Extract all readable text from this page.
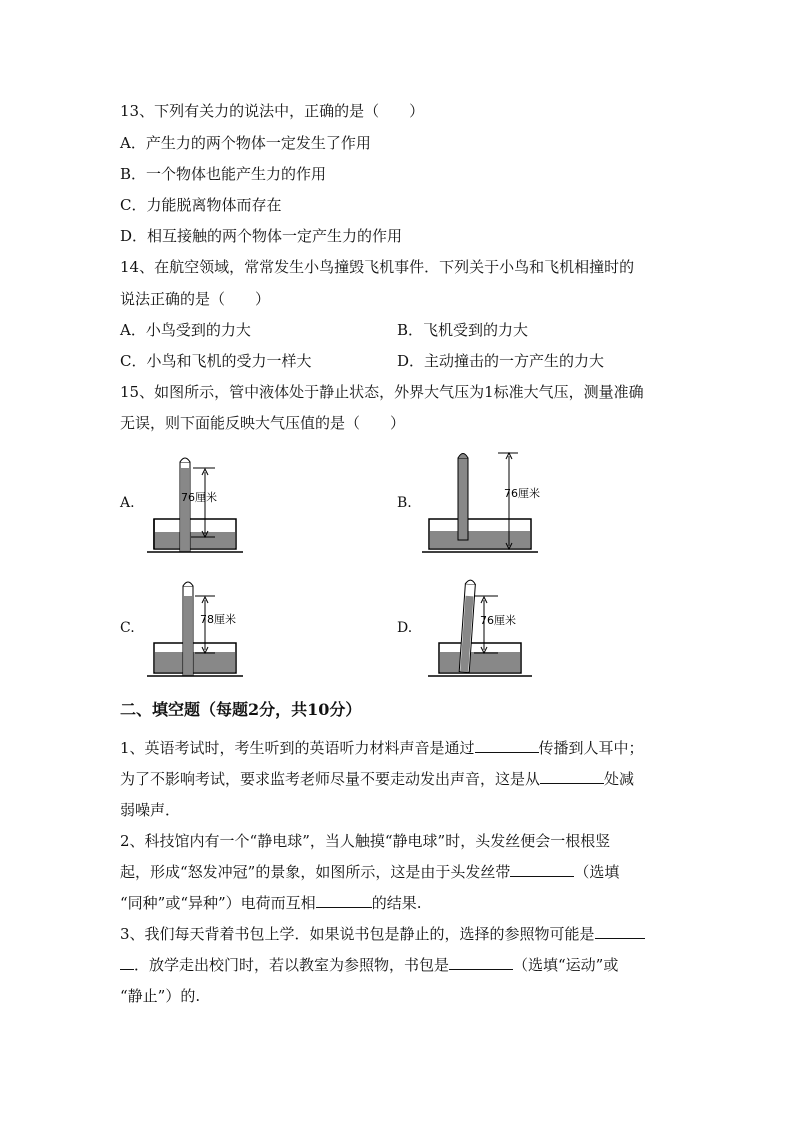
13、下列有关力的说法中，正确的是（　　）
A．产生力的两个物体一定发生了作用
B．一个物体也能产生力的作用
C．力能脱离物体而存在
D．相互接触的两个物体一定产生力的作用
14、在航空领域，常常发生小鸟撞毁飞机事件．下列关于小鸟和飞机相撞时的
说法正确的是（　　）
A．小鸟受到的力大	B．飞机受到的力大
C．小鸟和飞机的受力一样大	D．主动撞击的一方产生的力大
15、如图所示，管中液体处于静止状态，外界大气压为1标准大气压，测量准确
无误，则下面能反映大气压值的是（　　）
A.	76厘米	B.
76厘米
C.
78厘米
D.	76厘米
二、填空题（每题2分，共10分）
1、英语考试时，考生听到的英语听力材料声音是通过	传播到人耳中；
为了不影响考试，要求监考老师尽量不要走动发出声音，这是从	处减
弱噪声．
2、科技馆内有一个“静电球”，当人触摸“静电球”时，头发丝便会一根根竖
起，形成“怒发冲冠”的景象，如图所示，这是由于头发丝带	（选填
“同种”或“异种”）电荷而互相	的结果.
3、我们每天背着书包上学．如果说书包是静止的，选择的参照物可能是
．放学走出校门时，若以教室为参照物，书包是	（选填“运动”或
“静止”）的.
